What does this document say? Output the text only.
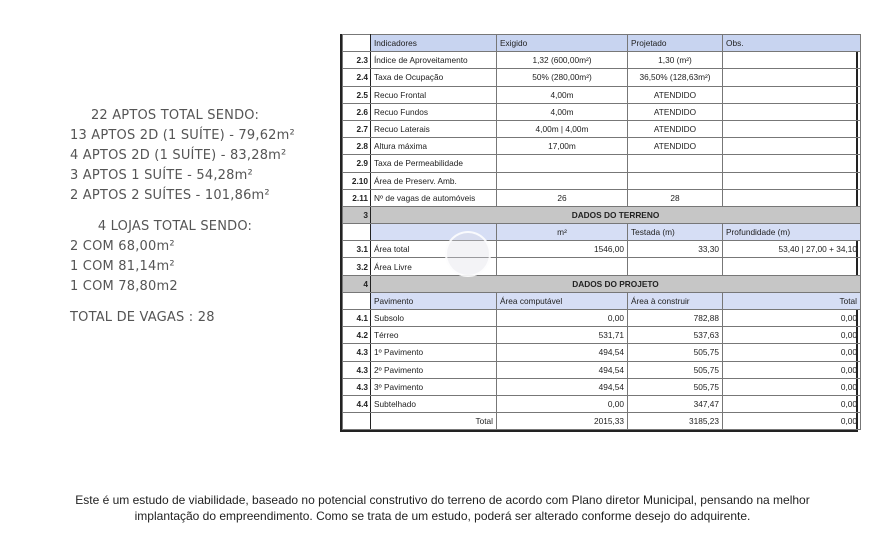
22 APTOS TOTAL SENDO:
13 APTOS 2D (1 SUÍTE) - 79,62m²
4 APTOS 2D (1 SUÍTE) - 83,28m²
3 APTOS 1 SUÍTE - 54,28m²
2 APTOS 2 SUÍTES - 101,86m²
4 LOJAS TOTAL SENDO:
2 COM 68,00m²
1 COM 81,14m²
1 COM 78,80m2
TOTAL DE VAGAS : 28
	Indicadores	Exigido	Projetado	Obs.
2.3	Índice de Aproveitamento	1,32 (600,00m²)	1,30 (m²)	
2.4	Taxa de Ocupação	50% (280,00m²)	36,50% (128,63m²)	
2.5	Recuo Frontal	4,00m	ATENDIDO	
2.6	Recuo Fundos	4,00m	ATENDIDO	
2.7	Recuo Laterais	4,00m | 4,00m	ATENDIDO	
2.8	Altura máxima	17,00m	ATENDIDO	
2.9	Taxa de Permeabilidade			
2.10	Área de Preserv. Amb.			
2.11	Nº de vagas de automóveis	26	28	
3	DADOS DO TERRENO			
		m²	Testada (m)	Profundidade (m)
3.1	Área total	1546,00	33,30	53,40 | 27,00 + 34,10
3.2	Área Livre			
4	DADOS DO PROJETO			
	Pavimento	Área computável	Área à construir	Total
4.1	Subsolo	0,00	782,88	0,00
4.2	Térreo	531,71	537,63	0,00
4.3	1º Pavimento	494,54	505,75	0,00
4.3	2º Pavimento	494,54	505,75	0,00
4.3	3º Pavimento	494,54	505,75	0,00
4.4	Subtelhado	0,00	347,47	0,00
	Total	2015,33	3185,23	0,00
Este é um estudo de viabilidade, baseado no potencial construtivo do terreno de acordo com Plano diretor Municipal, pensando na melhor
implantação do empreendimento. Como se trata de um estudo, poderá ser alterado conforme desejo do adquirente.
